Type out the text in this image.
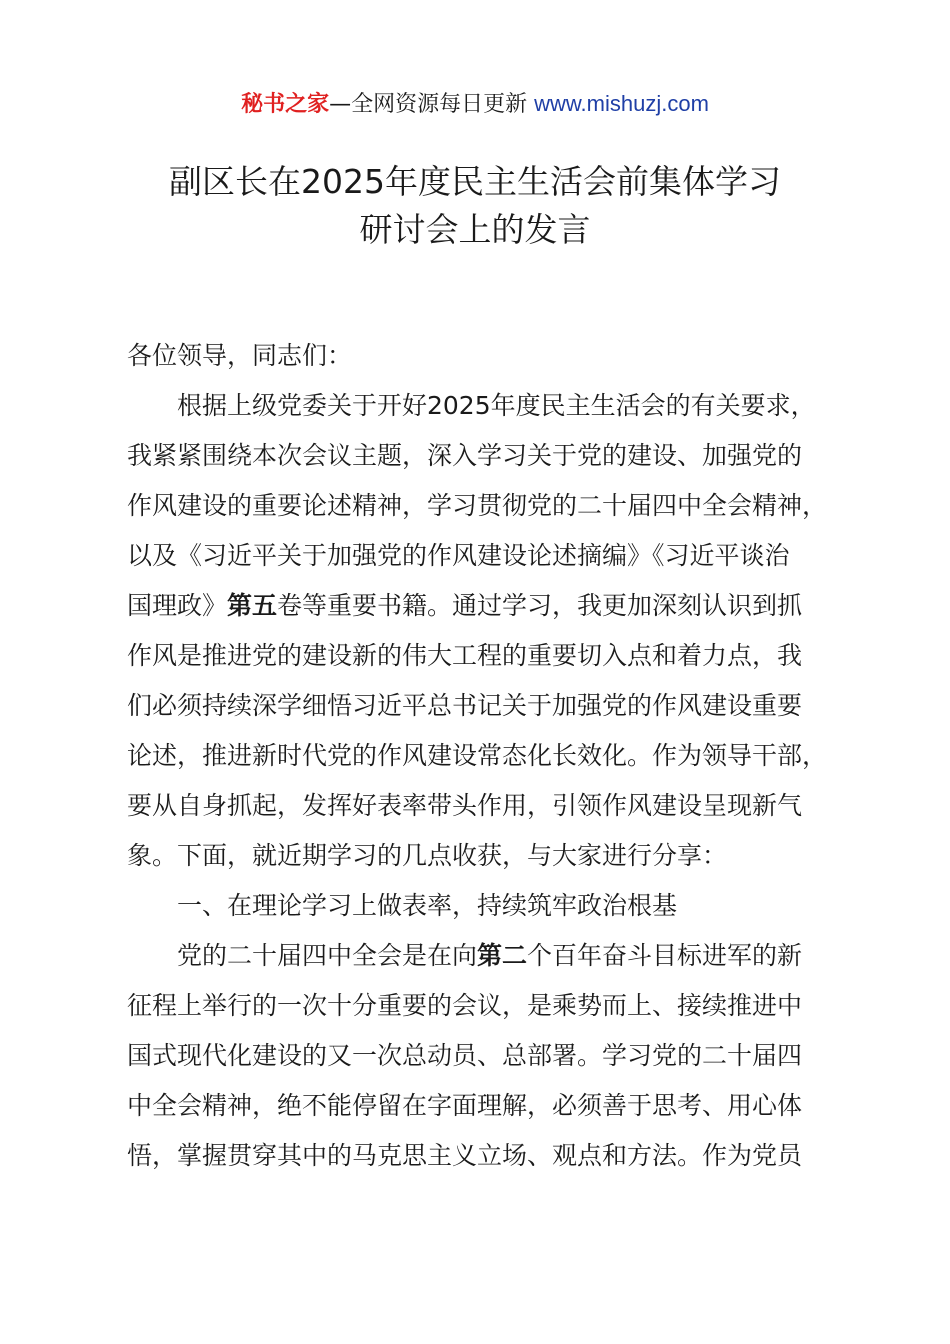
秘书之家—全网资源每日更新 www.mishuzj.com
副区长在2025年度民主生活会前集体学习
研讨会上的发言
各位领导，同志们：
根据上级党委关于开好2025年度民主生活会的有关要求，
我紧紧围绕本次会议主题，深入学习关于党的建设、加强党的
作风建设的重要论述精神，学习贯彻党的二十届四中全会精神，
以及《习近平关于加强党的作风建设论述摘编》《习近平谈治
国理政》第五卷等重要书籍。通过学习，我更加深刻认识到抓
作风是推进党的建设新的伟大工程的重要切入点和着力点，我
们必须持续深学细悟习近平总书记关于加强党的作风建设重要
论述，推进新时代党的作风建设常态化长效化。作为领导干部，
要从自身抓起，发挥好表率带头作用，引领作风建设呈现新气
象。下面，就近期学习的几点收获，与大家进行分享：
一、在理论学习上做表率，持续筑牢政治根基
党的二十届四中全会是在向第二个百年奋斗目标进军的新
征程上举行的一次十分重要的会议，是乘势而上、接续推进中
国式现代化建设的又一次总动员、总部署。学习党的二十届四
中全会精神，绝不能停留在字面理解，必须善于思考、用心体
悟，掌握贯穿其中的马克思主义立场、观点和方法。作为党员
